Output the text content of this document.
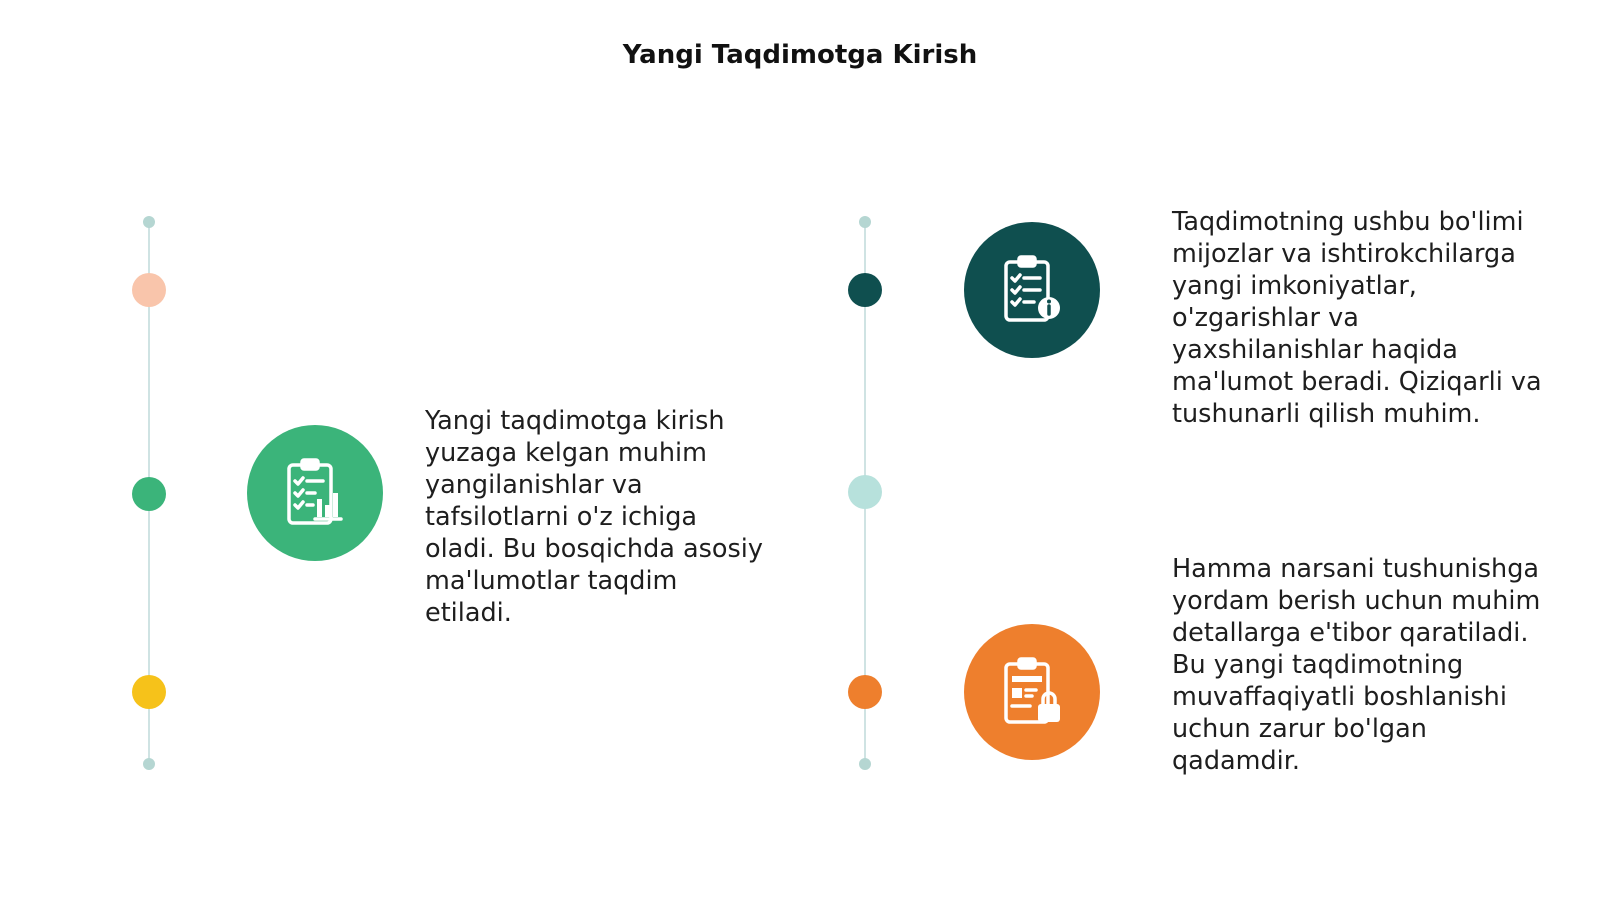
Yangi Taqdimotga Kirish
Yangi taqdimotga kirish yuzaga kelgan muhim yangilanishlar va tafsilotlarni o'z ichiga oladi. Bu bosqichda asosiy ma'lumotlar taqdim etiladi.
Taqdimotning ushbu bo'limi mijozlar va ishtirokchilarga yangi imkoniyatlar, o'zgarishlar va yaxshilanishlar haqida ma'lumot beradi. Qiziqarli va tushunarli qilish muhim.
Hamma narsani tushunishga yordam berish uchun muhim detallarga e'tibor qaratiladi. Bu yangi taqdimotning muvaffaqiyatli boshlanishi uchun zarur bo'lgan qadamdir.
